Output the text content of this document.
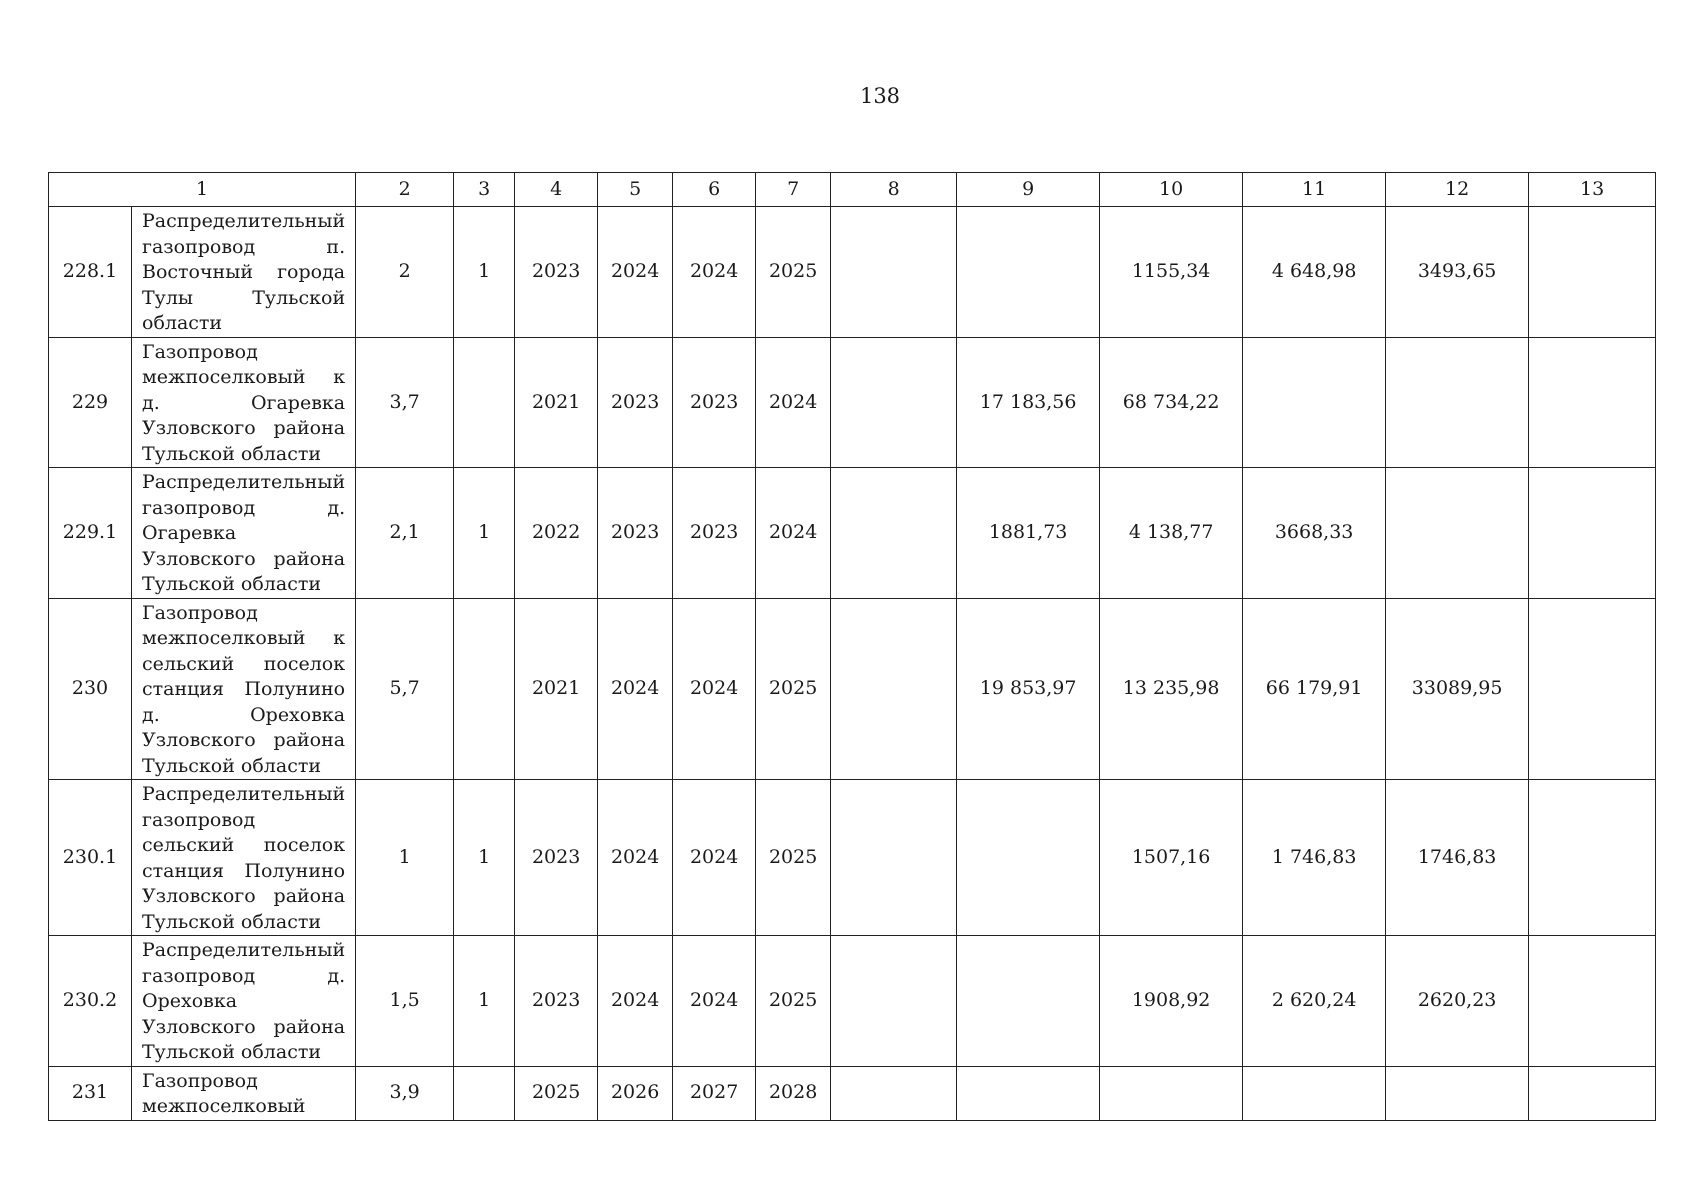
138
1		2	3	4	5	6	7	8	9	10	11	12	13
228.1	Распределительный газопровод п. Восточный города Тулы Тульской области	2	1	2023	2024	2024	2025			1155,34	4 648,98	3493,65	
229	Газопровод межпоселковый к д. Огаревка Узловского района Тульской области	3,7		2021	2023	2023	2024		17 183,56	68 734,22			
229.1	Распределительный газопровод д. Огаревка Узловского района Тульской области	2,1	1	2022	2023	2023	2024		1881,73	4 138,77	3668,33		
230	Газопровод межпоселковый к сельский поселок станция Полунино д. Ореховка Узловского района Тульской области	5,7		2021	2024	2024	2025		19 853,97	13 235,98	66 179,91	33089,95	
230.1	Распределительный газопровод сельский поселок станция Полунино Узловского района Тульской области	1	1	2023	2024	2024	2025			1507,16	1 746,83	1746,83	
230.2	Распределительный газопровод д. Ореховка Узловского района Тульской области	1,5	1	2023	2024	2024	2025			1908,92	2 620,24	2620,23	
231	Газопровод межпоселковый	3,9		2025	2026	2027	2028						
